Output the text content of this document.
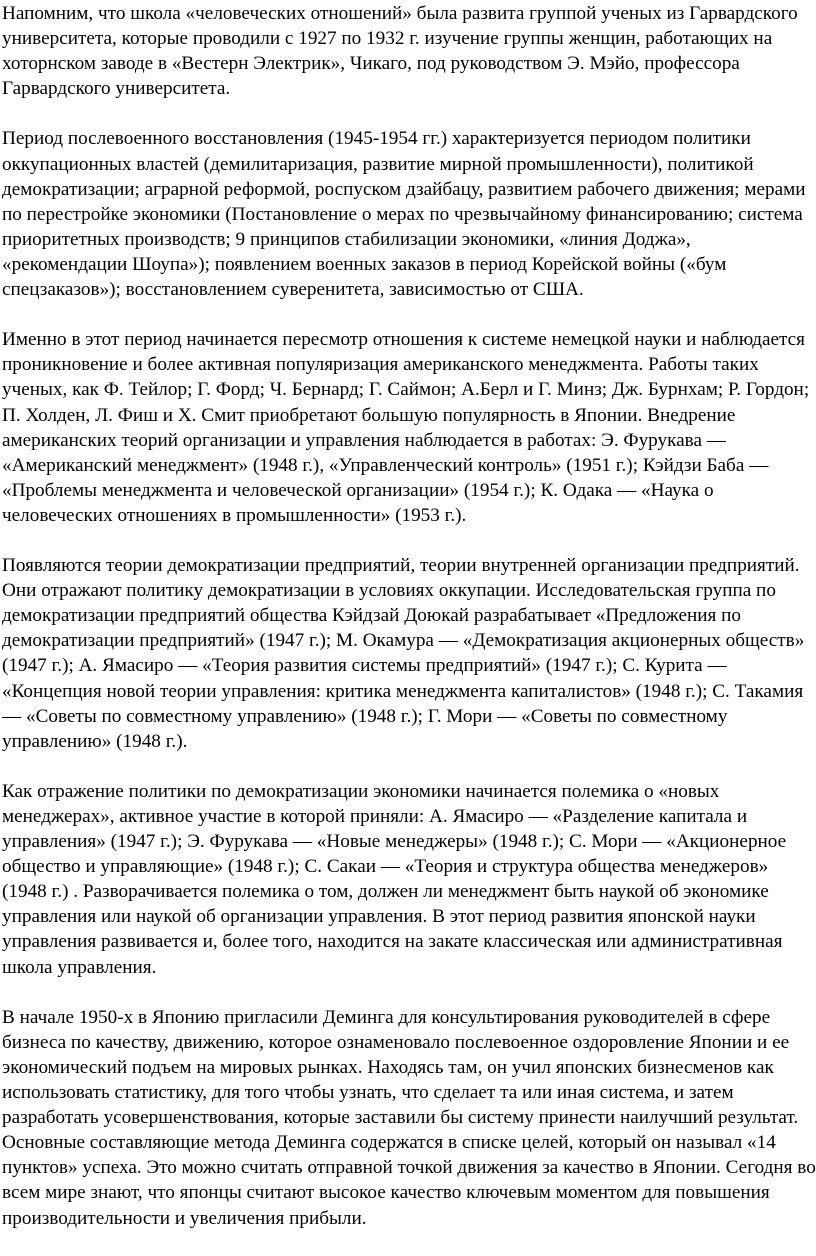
Напомним, что школа «человеческих отношений» была развита группой ученых из Гарвардского университета, которые проводили с 1927 по 1932 г. изучение группы женщин, работающих на хоторнском заводе в «Вестерн Электрик», Чикаго, под руководством Э. Мэйо, профессора Гарвардского университета.

Период послевоенного восстановления (1945-1954 гг.) характеризуется периодом политики оккупационных властей (демилитаризация, развитие мирной промышленности), политикой демократизации; аграрной реформой, роспуском дзайбацу, развитием рабочего движения; мерами по перестройке экономики (Постановление о мерах по чрезвычайному финансированию; система приоритетных производств; 9 принципов стабилизации экономики, «линия Доджа», «рекомендации Шоупа»); появлением военных заказов в период Корейской войны («бум спецзаказов»); восстановлением суверенитета, зависимостью от США.

Именно в этот период начинается пересмотр отношения к системе немецкой науки и наблюдается проникновение и более активная популяризация американского менеджмента. Работы таких ученых, как Ф. Тейлор; Г. Форд; Ч. Бернард; Г. Саймон; А.Берл и Г. Минз; Дж. Бурнхам; Р. Гордон; П. Холден, Л. Фиш и Х. Смит приобретают большую популярность в Японии. Внедрение американских теорий организации и управления наблюдается в работах: Э. Фурукава — «Американский менеджмент» (1948 г.), «Управленческий контроль» (1951 г.); Кэйдзи Баба — «Проблемы менеджмента и человеческой организации» (1954 г.); К. Одака — «Наука о человеческих отношениях в промышленности» (1953 г.).

Появляются теории демократизации предприятий, теории внутренней организации предприятий. Они отражают политику демократизации в условиях оккупации. Исследовательская группа по демократизации предприятий общества Кэйдзай Доюкай разрабатывает «Предложения по демократизации предприятий» (1947 г.); М. Окамура — «Демократизация акционерных обществ» (1947 г.); А. Ямасиро — «Теория развития системы предприятий» (1947 г.); С. Курита — «Концепция новой теории управления: критика менеджмента капиталистов» (1948 г.); С. Такамия — «Советы по совместному управлению» (1948 г.); Г. Мори — «Советы по совместному управлению» (1948 г.).

Как отражение политики по демократизации экономики начинается полемика о «новых менеджерах», активное участие в которой приняли: А. Ямасиро — «Разделение капитала и управления» (1947 г.); Э. Фурукава — «Новые менеджеры» (1948 г.); С. Мори — «Акционерное общество и управляющие» (1948 г.); С. Сакаи — «Теория и структура общества менеджеров» (1948 г.) . Разворачивается полемика о том, должен ли менеджмент быть наукой об экономике управления или наукой об организации управления. В этот период развития японской науки управления развивается и, более того, находится на закате классическая или административная школа управления.

В начале 1950-х в Японию пригласили Деминга для консультирования руководителей в сфере бизнеса по качеству, движению, которое ознаменовало послевоенное оздоровление Японии и ее экономический подъем на мировых рынках. Находясь там, он учил японских бизнесменов как использовать статистику, для того чтобы узнать, что сделает та или иная система, и затем разработать усовершенствования, которые заставили бы систему принести наилучший результат. Основные составляющие метода Деминга содержатся в списке целей, который он называл «14 пунктов» успеха. Это можно считать отправной точкой движения за качество в Японии. Сегодня во всем мире знают, что японцы считают высокое качество ключевым моментом для повышения производительности и увеличения прибыли.
